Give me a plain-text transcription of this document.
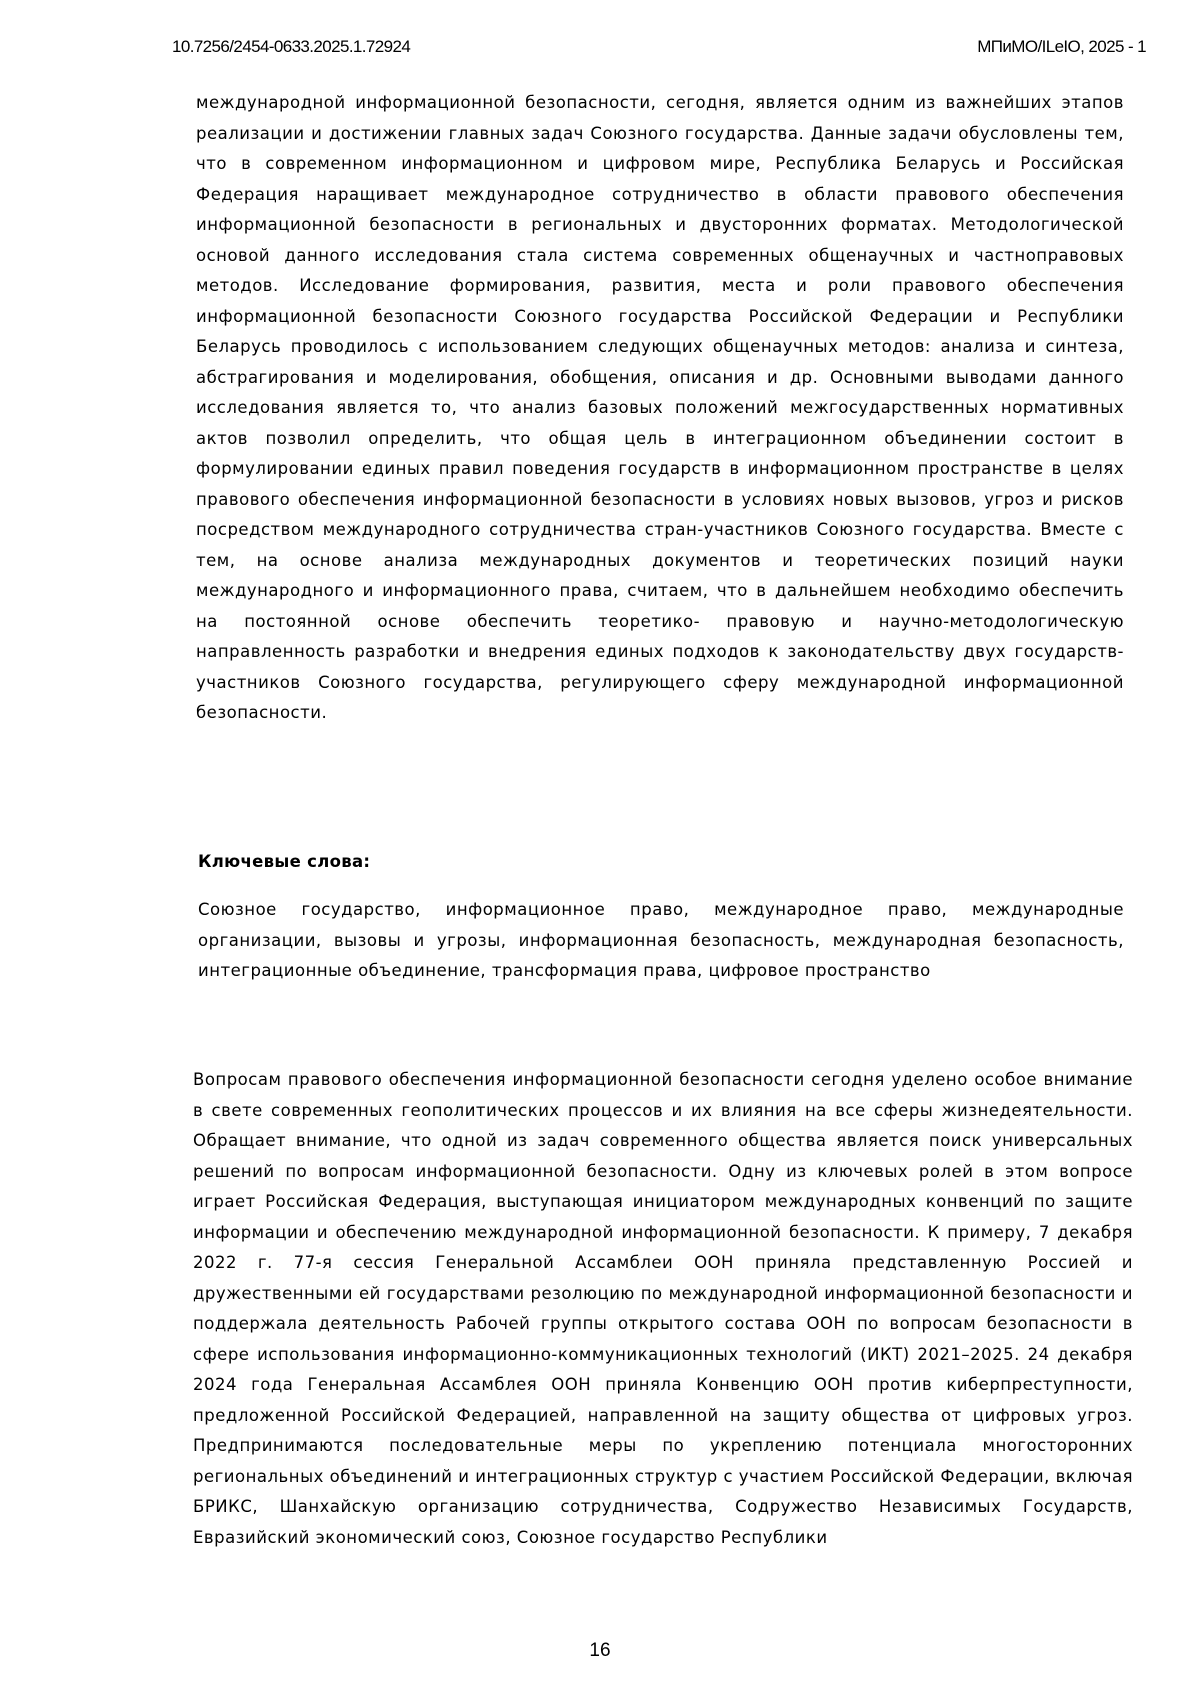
10.7256/2454-0633.2025.1.72924	МПиМО/ILeIO, 2025 - 1

международной информационной безопасности, сегодня, является одним из важнейших этапов реализации и достижении главных задач Союзного государства. Данные задачи обусловлены тем, что в современном информационном и цифровом мире, Республика Беларусь и Российская Федерация наращивает международное сотрудничество в области правового обеспечения информационной безопасности в региональных и двусторонних форматах. Методологической основой данного исследования стала система современных общенаучных и частноправовых методов. Исследование формирования, развития, места и роли правового обеспечения информационной безопасности Союзного государства Российской Федерации и Республики Беларусь проводилось с использованием следующих общенаучных методов: анализа и синтеза, абстрагирования и моделирования, обобщения, описания и др. Основными выводами данного исследования является то, что анализ базовых положений межгосударственных нормативных актов позволил определить, что общая цель в интеграционном объединении состоит в формулировании единых правил поведения государств в информационном пространстве в целях правового обеспечения информационной безопасности в условиях новых вызовов, угроз и рисков посредством международного сотрудничества стран-участников Союзного государства. Вместе с тем, на основе анализа международных документов и теоретических позиций науки международного и информационного права, считаем, что в дальнейшем необходимо обеспечить на постоянной основе обеспечить теоретико- правовую и научно-методологическую направленность разработки и внедрения единых подходов к законодательству двух государств-участников Союзного государства, регулирующего сферу международной информационной безопасности.

Ключевые слова:

Союзное государство, информационное право, международное право, международные организации, вызовы и угрозы, информационная безопасность, международная безопасность, интеграционные объединение, трансформация права, цифровое пространство

Вопросам правового обеспечения информационной безопасности сегодня уделено особое внимание в свете современных геополитических процессов и их влияния на все сферы жизнедеятельности. Обращает внимание, что одной из задач современного общества является поиск универсальных решений по вопросам информационной безопасности. Одну из ключевых ролей в этом вопросе играет Российская Федерация, выступающая инициатором международных конвенций по защите информации и обеспечению международной информационной безопасности. К примеру, 7 декабря 2022 г. 77-я сессия Генеральной Ассамблеи ООН приняла представленную Россией и дружественными ей государствами резолюцию по международной информационной безопасности и поддержала деятельность Рабочей группы открытого состава ООН по вопросам безопасности в сфере использования информационно-коммуникационных технологий (ИКТ) 2021–2025. 24 декабря 2024 года Генеральная Ассамблея ООН приняла Конвенцию ООН против киберпреступности, предложенной Российской Федерацией, направленной на защиту общества от цифровых угроз. Предпринимаются последовательные меры по укреплению потенциала многосторонних региональных объединений и интеграционных структур с участием Российской Федерации, включая БРИКС, Шанхайскую организацию сотрудничества, Содружество Независимых Государств, Евразийский экономический союз, Союзное государство Республики

16
